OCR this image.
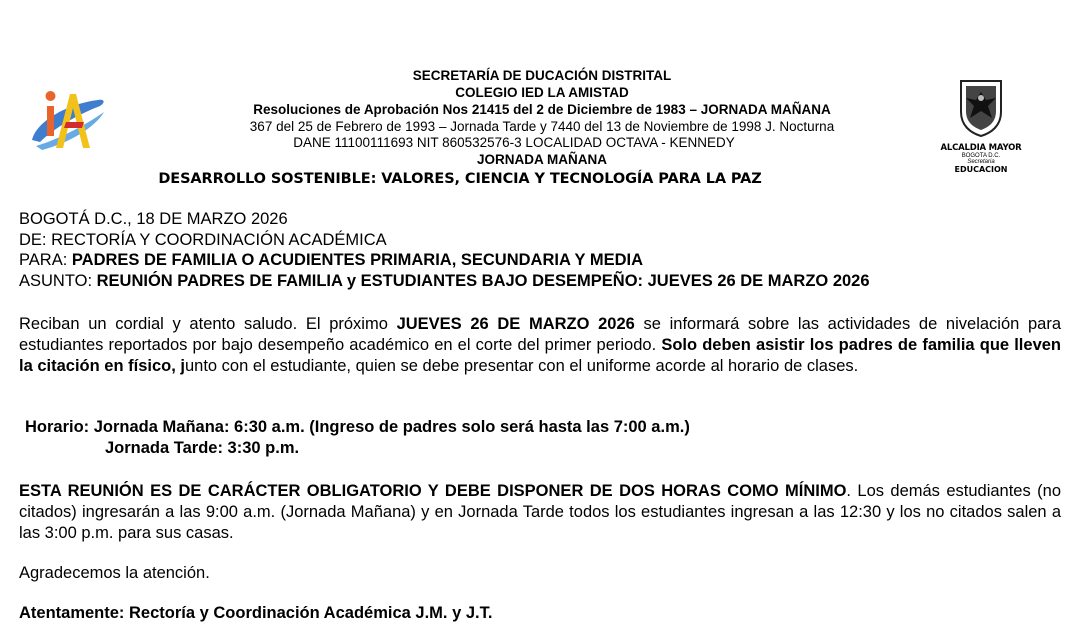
ALCALDIA MAYOR
BOGOTA D.C.
Secretaria
EDUCACION
SECRETARÍA DE DUCACIÓN DISTRITAL
COLEGIO IED LA AMISTAD
Resoluciones de Aprobación Nos 21415 del 2 de Diciembre de 1983 – JORNADA MAÑANA
367 del 25 de Febrero de 1993 – Jornada Tarde y 7440 del 13 de Noviembre de 1998 J. Nocturna
DANE 11100111693 NIT 860532576-3 LOCALIDAD OCTAVA - KENNEDY
JORNADA MAÑANA
DESARROLLO SOSTENIBLE: VALORES, CIENCIA Y TECNOLOGÍA PARA LA PAZ
BOGOTÁ D.C., 18 DE MARZO 2026
DE: RECTORÍA Y COORDINACIÓN ACADÉMICA
PARA: PADRES DE FAMILIA O ACUDIENTES PRIMARIA, SECUNDARIA Y MEDIA
ASUNTO: REUNIÓN PADRES DE FAMILIA y ESTUDIANTES BAJO DESEMPEÑO: JUEVES 26 DE MARZO 2026
Reciban un cordial y atento saludo. El próximo JUEVES 26 DE MARZO 2026 se informará sobre las actividades de nivelación para estudiantes reportados por bajo desempeño académico en el corte del primer periodo. Solo deben asistir los padres de familia que lleven la citación en físico, junto con el estudiante, quien se debe presentar con el uniforme acorde al horario de clases.
Horario: Jornada Mañana: 6:30 a.m. (Ingreso de padres solo será hasta las 7:00 a.m.)
Jornada Tarde: 3:30 p.m.
ESTA REUNIÓN ES DE CARÁCTER OBLIGATORIO Y DEBE DISPONER DE DOS HORAS COMO MÍNIMO. Los demás estudiantes (no citados) ingresarán a las 9:00 a.m. (Jornada Mañana) y en Jornada Tarde todos los estudiantes ingresan a las 12:30 y los no citados salen a las 3:00 p.m. para sus casas.
Agradecemos la atención.
Atentamente: Rectoría y Coordinación Académica J.M. y J.T.
